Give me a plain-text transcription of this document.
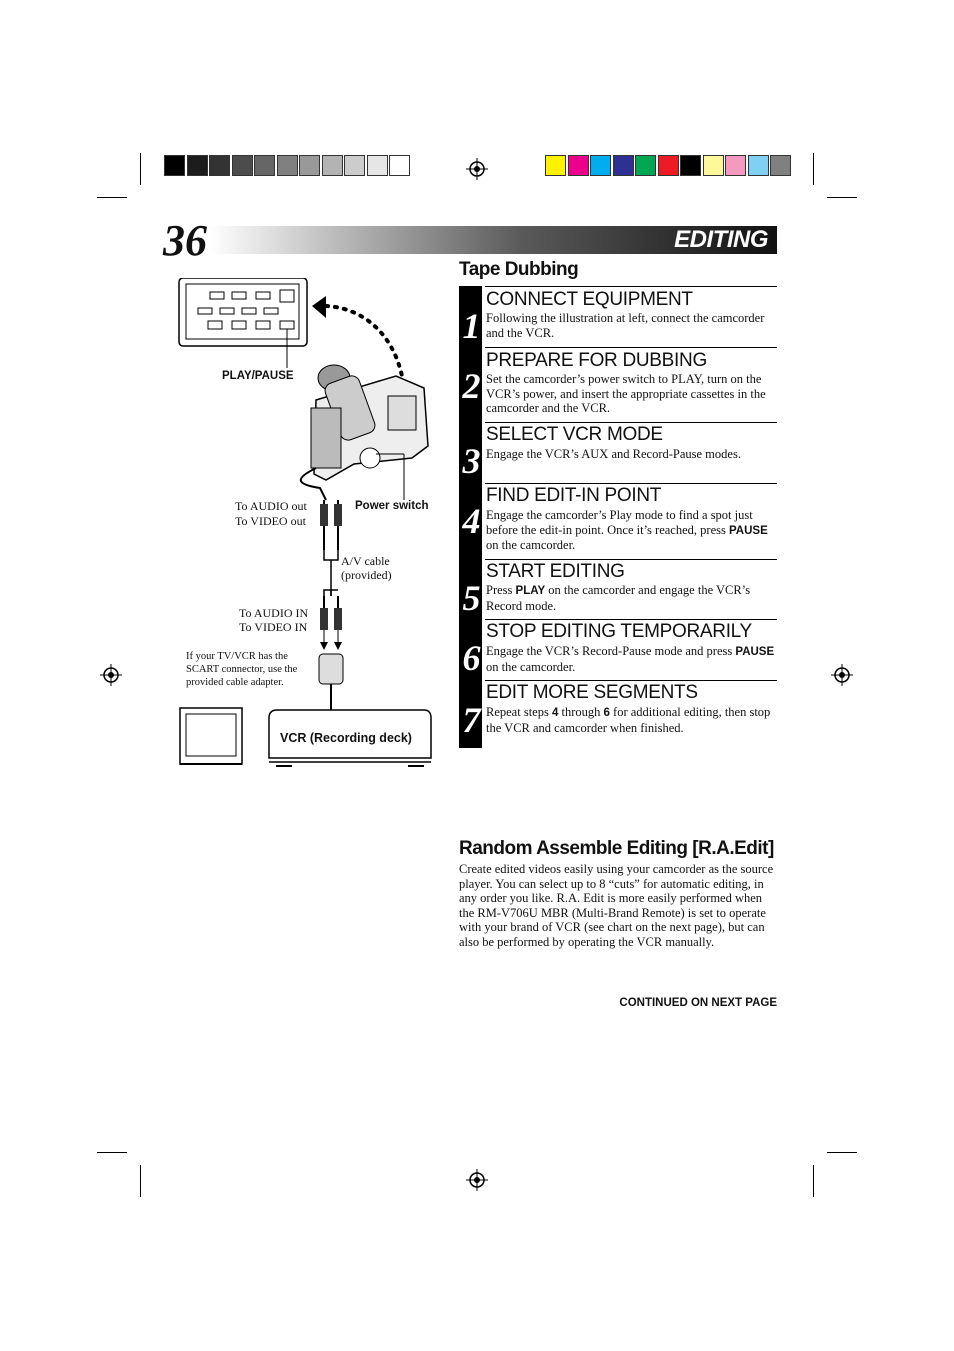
36	EDITING
Tape Dubbing
1
CONNECT EQUIPMENT
Following the illustration at left, connect the camcorder and the VCR.
2
PREPARE FOR DUBBING
Set the camcorder’s power switch to PLAY, turn on the VCR’s power, and insert the appropriate cassettes in the camcorder and the VCR.
3
SELECT VCR MODE
Engage the VCR’s AUX and Record-Pause modes.
4
FIND EDIT-IN POINT
Engage the camcorder’s Play mode to find a spot just before the edit-in point. Once it’s reached, press PAUSE on the camcorder.
5
START EDITING
Press PLAY on the camcorder and engage the VCR’s Record mode.
6
STOP EDITING TEMPORARILY
Engage the VCR’s Record-Pause mode and press PAUSE on the camcorder.
7
EDIT MORE SEGMENTS
Repeat steps 4 through 6 for additional editing, then stop the VCR and camcorder when finished.
Random Assemble Editing [R.A.Edit]
Create edited videos easily using your camcorder as the source player. You can select up to 8 “cuts” for automatic editing, in any order you like. R.A. Edit is more easily performed when the RM-V706U MBR (Multi-Brand Remote) is set to operate with your brand of VCR (see chart on the next page), but can also be performed by operating the VCR manually.
CONTINUED ON NEXT PAGE
PLAY/PAUSE
To AUDIO out
To VIDEO out
Power switch
A/V cable
(provided)
To AUDIO IN
To VIDEO IN
If your TV/VCR has the
SCART connector, use the
provided cable adapter.
VCR (Recording deck)
